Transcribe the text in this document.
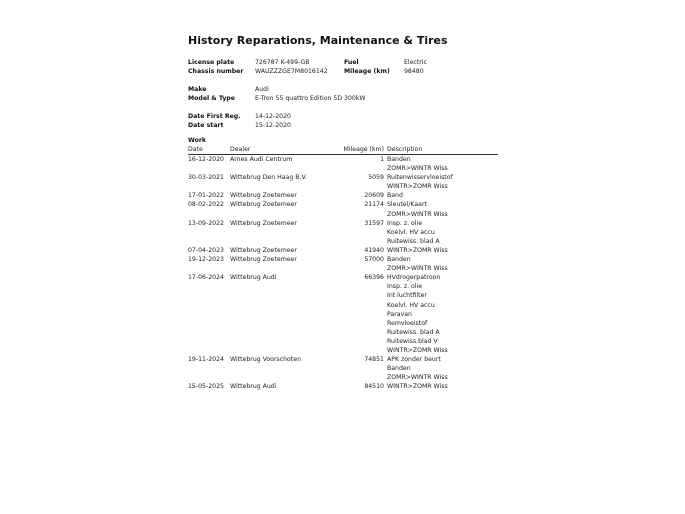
History Reparations, Maintenance & Tires
License plate	726787 K-499-GB	Fuel	Electric
Chassis number WAUZZZGE7M8016142	Mileage (km) 98480
Make	Audi
Model & Type	E-Tron 55 quattro Edition 5D 300kW
Date First Reg. 14-12-2020
Date start	15-12-2020
Work
Date	Dealer	Mileage (km) Description
16-12-2020 Arnes Audi Centrum	1 Banden
ZOMR>WINTR Wiss
30-03-2021 Wittebrug Den Haag B.V.	5059 Ruitenwisservloeistof
WINTR>ZOMR Wiss
17-01-2022 Wittebrug Zoetemeer	20609 Band
08-02-2022 Wittebrug Zoetemeer	21174 Sleutel/Kaart
ZOMR>WINTR Wiss
13-09-2022 Wittebrug Zoetemeer	31597 Insp. z. olie
Koelvl. HV accu
Ruitewiss. blad A
07-04-2023 Wittebrug Zoetemeer	41940 WINTR>ZOMR Wiss
19-12-2023 Wittebrug Zoetemeer	57000 Banden
ZOMR>WINTR Wiss
17-06-2024 Wittebrug Audi	66396 HVdrogerpatroon
Insp. z. olie
Int luchtfilter
Koelvl. HV accu
Paravan
Remvloeistof
Ruitewiss. blad A
Ruitewiss.blad V
WINTR>ZOMR Wiss
19-11-2024 Wittebrug Voorschoten	74851 APK zonder beurt
Banden
ZOMR>WINTR Wiss
15-05-2025 Wittebrug Audi	84510 WINTR>ZOMR Wiss
